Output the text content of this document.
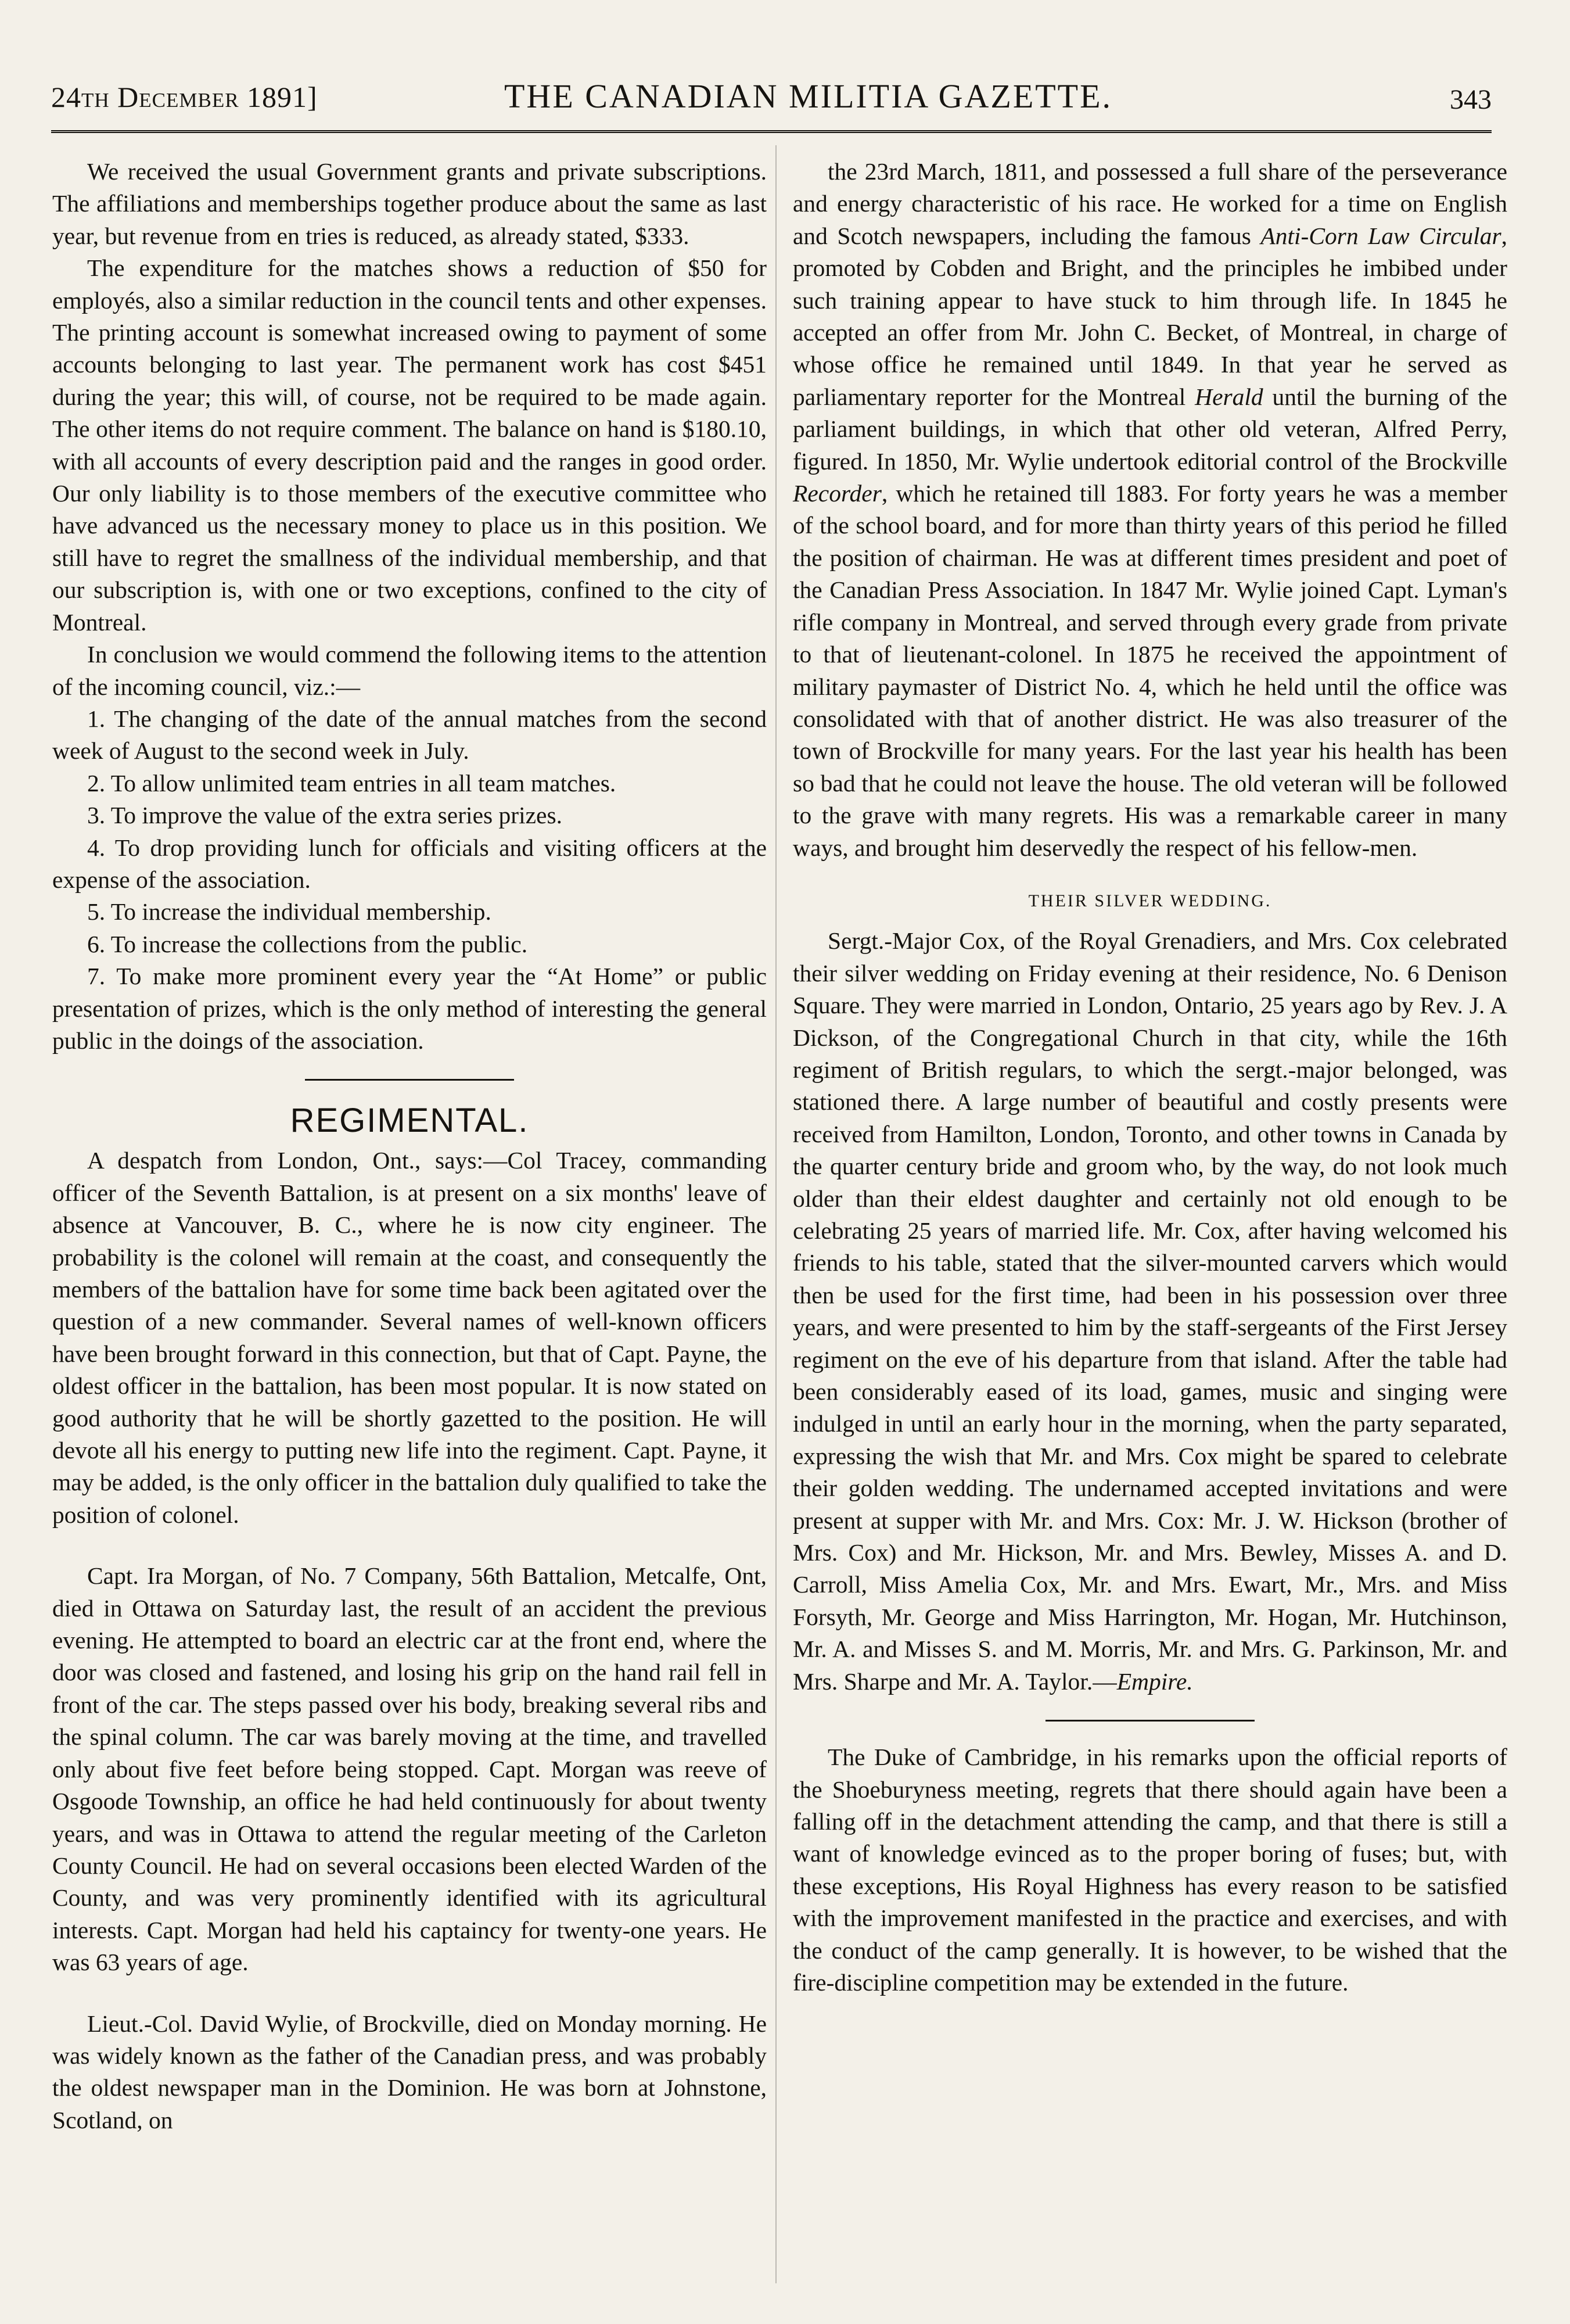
24th December 1891]	THE CANADIAN MILITIA GAZETTE.	343

We received the usual Government grants and private subscriptions. The affiliations and memberships together produce about the same as last year, but revenue from en tries is reduced, as already stated, $333.

The expenditure for the matches shows a reduction of $50 for employés, also a similar reduction in the council tents and other expenses. The printing account is somewhat increased owing to payment of some accounts belonging to last year. The permanent work has cost $451 during the year; this will, of course, not be required to be made again. The other items do not require comment. The balance on hand is $180.10, with all accounts of every description paid and the ranges in good order. Our only liability is to those members of the executive committee who have advanced us the necessary money to place us in this position. We still have to regret the smallness of the individual membership, and that our subscription is, with one or two exceptions, confined to the city of Montreal.

In conclusion we would commend the following items to the attention of the incoming council, viz.:—

1. The changing of the date of the annual matches from the second week of August to the second week in July.

2. To allow unlimited team entries in all team matches.

3. To improve the value of the extra series prizes.

4. To drop providing lunch for officials and visiting officers at the expense of the association.

5. To increase the individual membership.

6. To increase the collections from the public.

7. To make more prominent every year the “At Home” or public presentation of prizes, which is the only method of interesting the general public in the doings of the association.

REGIMENTAL.

A despatch from London, Ont., says:—Col Tracey, commanding officer of the Seventh Battalion, is at present on a six months' leave of absence at Vancouver, B. C., where he is now city engineer. The probability is the colonel will remain at the coast, and consequently the members of the battalion have for some time back been agitated over the question of a new commander. Several names of well-known officers have been brought forward in this connection, but that of Capt. Payne, the oldest officer in the battalion, has been most popular. It is now stated on good authority that he will be shortly gazetted to the position. He will devote all his energy to putting new life into the regiment. Capt. Payne, it may be added, is the only officer in the battalion duly qualified to take the position of colonel.

Capt. Ira Morgan, of No. 7 Company, 56th Battalion, Metcalfe, Ont, died in Ottawa on Saturday last, the result of an accident the previous evening. He attempted to board an electric car at the front end, where the door was closed and fastened, and losing his grip on the hand rail fell in front of the car. The steps passed over his body, breaking several ribs and the spinal column. The car was barely moving at the time, and travelled only about five feet before being stopped. Capt. Morgan was reeve of Osgoode Township, an office he had held continuously for about twenty years, and was in Ottawa to attend the regular meeting of the Carleton County Council. He had on several occasions been elected Warden of the County, and was very prominently identified with its agricultural interests. Capt. Morgan had held his captaincy for twenty-one years. He was 63 years of age.

Lieut.-Col. David Wylie, of Brockville, died on Monday morning. He was widely known as the father of the Canadian press, and was probably the oldest newspaper man in the Dominion. He was born at Johnstone, Scotland, on

the 23rd March, 1811, and possessed a full share of the perseverance and energy characteristic of his race. He worked for a time on English and Scotch newspapers, including the famous Anti-Corn Law Circular, promoted by Cobden and Bright, and the principles he imbibed under such training appear to have stuck to him through life. In 1845 he accepted an offer from Mr. John C. Becket, of Montreal, in charge of whose office he remained until 1849. In that year he served as parliamentary reporter for the Montreal Herald until the burning of the parliament buildings, in which that other old veteran, Alfred Perry, figured. In 1850, Mr. Wylie undertook editorial control of the Brockville Recorder, which he retained till 1883. For forty years he was a member of the school board, and for more than thirty years of this period he filled the position of chairman. He was at different times president and poet of the Canadian Press Association. In 1847 Mr. Wylie joined Capt. Lyman's rifle company in Montreal, and served through every grade from private to that of lieutenant-colonel. In 1875 he received the appointment of military paymaster of District No. 4, which he held until the office was consolidated with that of another district. He was also treasurer of the town of Brockville for many years. For the last year his health has been so bad that he could not leave the house. The old veteran will be followed to the grave with many regrets. His was a remarkable career in many ways, and brought him deservedly the respect of his fellow-men.

THEIR SILVER WEDDING.

Sergt.-Major Cox, of the Royal Grenadiers, and Mrs. Cox celebrated their silver wedding on Friday evening at their residence, No. 6 Denison Square. They were married in London, Ontario, 25 years ago by Rev. J. A Dickson, of the Congregational Church in that city, while the 16th regiment of British regulars, to which the sergt.-major belonged, was stationed there. A large number of beautiful and costly presents were received from Hamilton, London, Toronto, and other towns in Canada by the quarter century bride and groom who, by the way, do not look much older than their eldest daughter and certainly not old enough to be celebrating 25 years of married life. Mr. Cox, after having welcomed his friends to his table, stated that the silver-mounted carvers which would then be used for the first time, had been in his possession over three years, and were presented to him by the staff-sergeants of the First Jersey regiment on the eve of his departure from that island. After the table had been considerably eased of its load, games, music and singing were indulged in until an early hour in the morning, when the party separated, expressing the wish that Mr. and Mrs. Cox might be spared to celebrate their golden wedding. The undernamed accepted invitations and were present at supper with Mr. and Mrs. Cox: Mr. J. W. Hickson (brother of Mrs. Cox) and Mr. Hickson, Mr. and Mrs. Bewley, Misses A. and D. Carroll, Miss Amelia Cox, Mr. and Mrs. Ewart, Mr., Mrs. and Miss Forsyth, Mr. George and Miss Harrington, Mr. Hogan, Mr. Hutchinson, Mr. A. and Misses S. and M. Morris, Mr. and Mrs. G. Parkinson, Mr. and Mrs. Sharpe and Mr. A. Taylor.—Empire.

The Duke of Cambridge, in his remarks upon the official reports of the Shoeburyness meeting, regrets that there should again have been a falling off in the detachment attending the camp, and that there is still a want of knowledge evinced as to the proper boring of fuses; but, with these exceptions, His Royal Highness has every reason to be satisfied with the improvement manifested in the practice and exercises, and with the conduct of the camp generally. It is however, to be wished that the fire-discipline competition may be extended in the future.
